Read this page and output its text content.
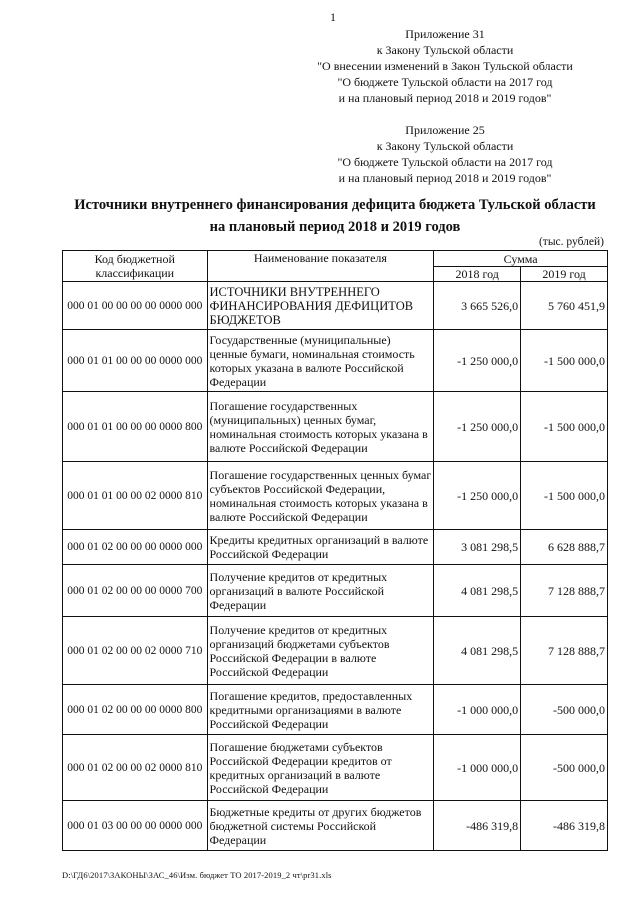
1
Приложение 31
к Закону Тульской области
"О внесении изменений в Закон Тульской области
"О бюджете Тульской области на 2017 год
и на плановый период 2018 и 2019 годов"
Приложение 25
к Закону Тульской области
"О бюджете Тульской области на 2017 год
и на плановый период 2018 и 2019 годов"
Источники внутреннего финансирования дефицита бюджета Тульской области
на плановый период 2018 и 2019 годов
(тыс. рублей)
Код бюджетной классификации	Наименование показателя	Сумма	
		2018 год	2019 год
000 01 00 00 00 00 0000 000	ИСТОЧНИКИ ВНУТРЕННЕГО ФИНАНСИРОВАНИЯ ДЕФИЦИТОВ БЮДЖЕТОВ	3 665 526,0	5 760 451,9
000 01 01 00 00 00 0000 000	Государственные (муниципальные) ценные бумаги, номинальная стоимость которых указана в валюте Российской Федерации	-1 250 000,0	-1 500 000,0
000 01 01 00 00 00 0000 800	Погашение государственных (муниципальных) ценных бумаг, номинальная стоимость которых указана в валюте Российской Федерации	-1 250 000,0	-1 500 000,0
000 01 01 00 00 02 0000 810	Погашение государственных ценных бумаг субъектов Российской Федерации, номинальная стоимость которых указана в валюте Российской Федерации	-1 250 000,0	-1 500 000,0
000 01 02 00 00 00 0000 000	Кредиты кредитных организаций в валюте Российской Федерации	3 081 298,5	6 628 888,7
000 01 02 00 00 00 0000 700	Получение кредитов от кредитных организаций в валюте Российской Федерации	4 081 298,5	7 128 888,7
000 01 02 00 00 02 0000 710	Получение кредитов от кредитных организаций бюджетами субъектов Российской Федерации в валюте Российской Федерации	4 081 298,5	7 128 888,7
000 01 02 00 00 00 0000 800	Погашение кредитов, предоставленных кредитными организациями в валюте Российской Федерации	-1 000 000,0	-500 000,0
000 01 02 00 00 02 0000 810	Погашение бюджетами субъектов Российской Федерации кредитов от кредитных организаций в валюте Российской Федерации	-1 000 000,0	-500 000,0
000 01 03 00 00 00 0000 000	Бюджетные кредиты от других бюджетов бюджетной системы Российской Федерации	-486 319,8	-486 319,8
D:\ГД6\2017\ЗАКОНЫ\ЗАС_46\Изм. бюджет ТО 2017-2019_2 чт\pr31.xls
